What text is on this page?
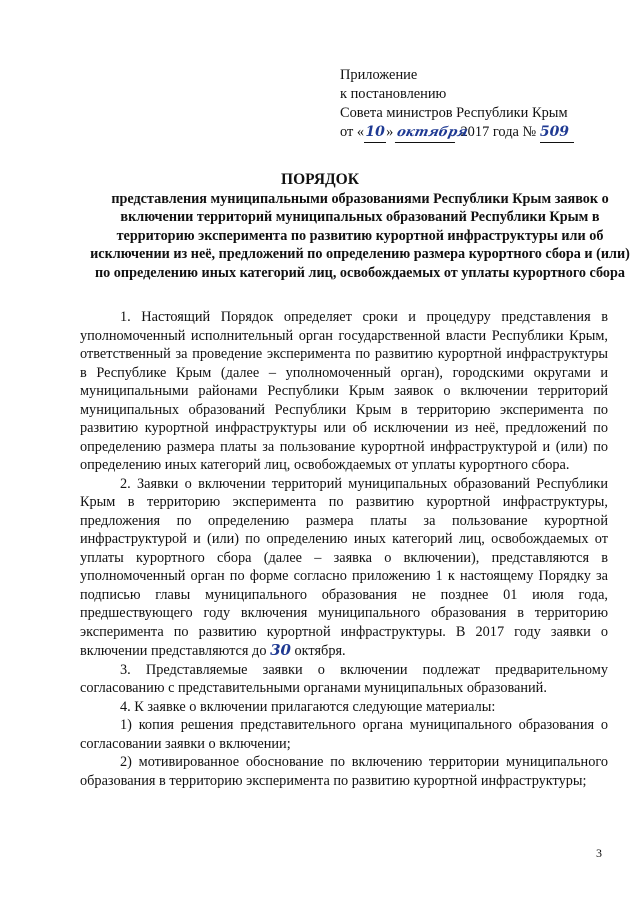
Приложение
к постановлению
Совета министров Республики Крым
от «10» октября 2017 года № 509
ПОРЯДОК
представления муниципальными образованиями Республики Крым заявок о включении территорий муниципальных образований Республики Крым в территорию эксперимента по развитию курортной инфраструктуры или об исключении из неё, предложений по определению размера курортного сбора и (или) по определению иных категорий лиц, освобождаемых от уплаты курортного сбора

1. Настоящий Порядок определяет сроки и процедуру представления в уполномоченный исполнительный орган государственной власти Республики Крым, ответственный за проведение эксперимента по развитию курортной инфраструктуры в Республике Крым (далее – уполномоченный орган), городскими округами и муниципальными районами Республики Крым заявок о включении территорий муниципальных образований Республики Крым в территорию эксперимента по развитию курортной инфраструктуры или об исключении из неё, предложений по определению размера платы за пользование курортной инфраструктурой и (или) по определению иных категорий лиц, освобождаемых от уплаты курортного сбора.

2. Заявки о включении территорий муниципальных образований Республики Крым в территорию эксперимента по развитию курортной инфраструктуры, предложения по определению размера платы за пользование курортной инфраструктурой и (или) по определению иных категорий лиц, освобождаемых от уплаты курортного сбора (далее – заявка о включении), представляются в уполномоченный орган по форме согласно приложению 1 к настоящему Порядку за подписью главы муниципального образования не позднее 01 июля года, предшествующего году включения муниципального образования в территорию эксперимента по развитию курортной инфраструктуры. В 2017 году заявки о включении представляются до 30 октября.

3. Представляемые заявки о включении подлежат предварительному согласованию с представительными органами муниципальных образований.

4. К заявке о включении прилагаются следующие материалы:

1) копия решения представительного органа муниципального образования о согласовании заявки о включении;

2) мотивированное обоснование по включению территории муниципального образования в территорию эксперимента по развитию курортной инфраструктуры;

3
